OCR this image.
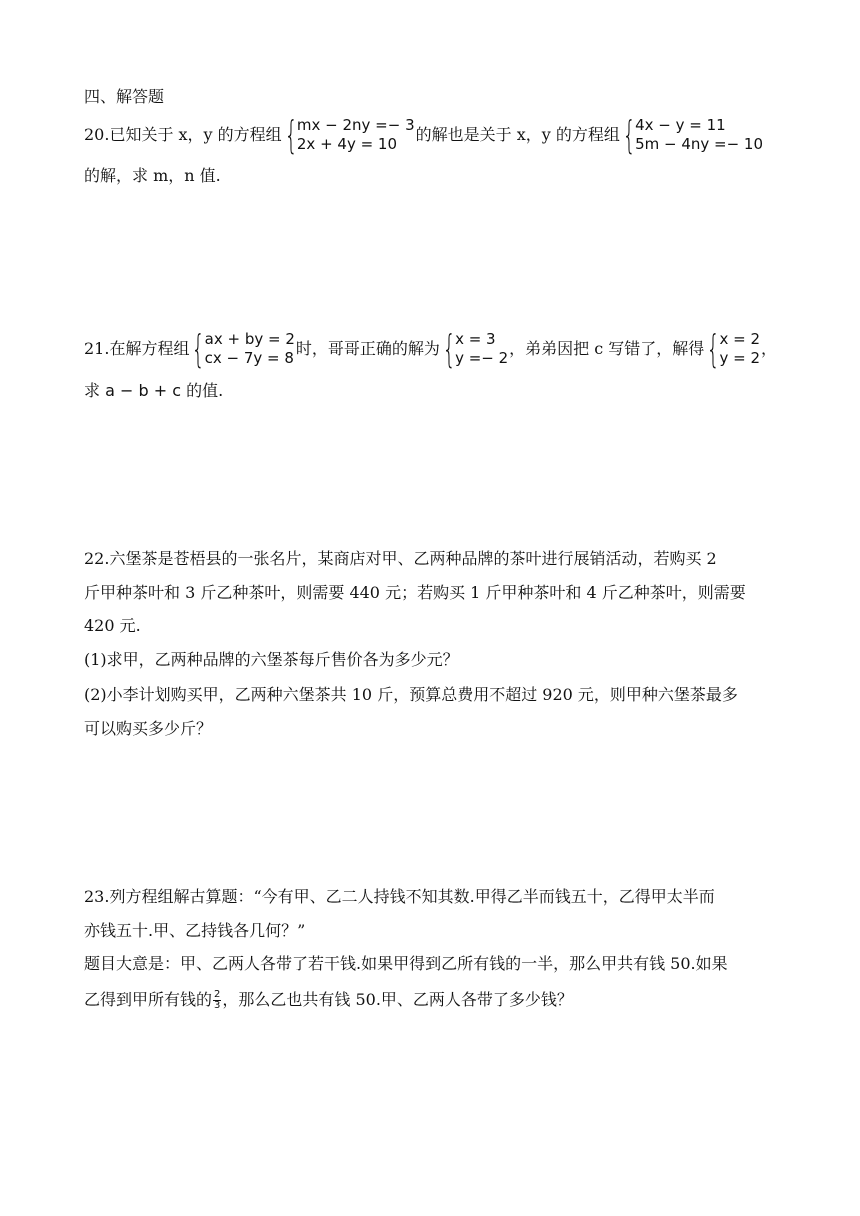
四、解答题
20.已知关于 x，y 的方程组 { mx − 2ny =− 3
2x + 4y = 10	的解也是关于 x，y 的方程组 { 4x − y = 11
5m − 4ny =− 10
的解，求 m，n 值.
21.在解方程组 { ax + by = 2
cx − 7y = 8 时，哥哥正确的解为 { x = 3
y =− 2 ，弟弟因把 c 写错了，解得 { x = 2
y = 2 ，
求 a − b + c 的值.
22.六堡茶是苍梧县的一张名片，某商店对甲、乙两种品牌的茶叶进行展销活动，若购买 2
斤甲种茶叶和 3 斤乙种茶叶，则需要 440 元；若购买 1 斤甲种茶叶和 4 斤乙种茶叶，则需要
420 元.
(1)求甲，乙两种品牌的六堡茶每斤售价各为多少元？
(2)小李计划购买甲，乙两种六堡茶共 10 斤，预算总费用不超过 920 元，则甲种六堡茶最多
可以购买多少斤？
23.列方程组解古算题：“今有甲、乙二人持钱不知其数.甲得乙半而钱五十，乙得甲太半而
亦钱五十.甲、乙持钱各几何？”
题目大意是：甲、乙两人各带了若干钱.如果甲得到乙所有钱的一半，那么甲共有钱 50.如果
乙得到甲所有钱的 $\frac{2}{3}$ ，那么乙也共有钱 50.甲、乙两人各带了多少钱？
